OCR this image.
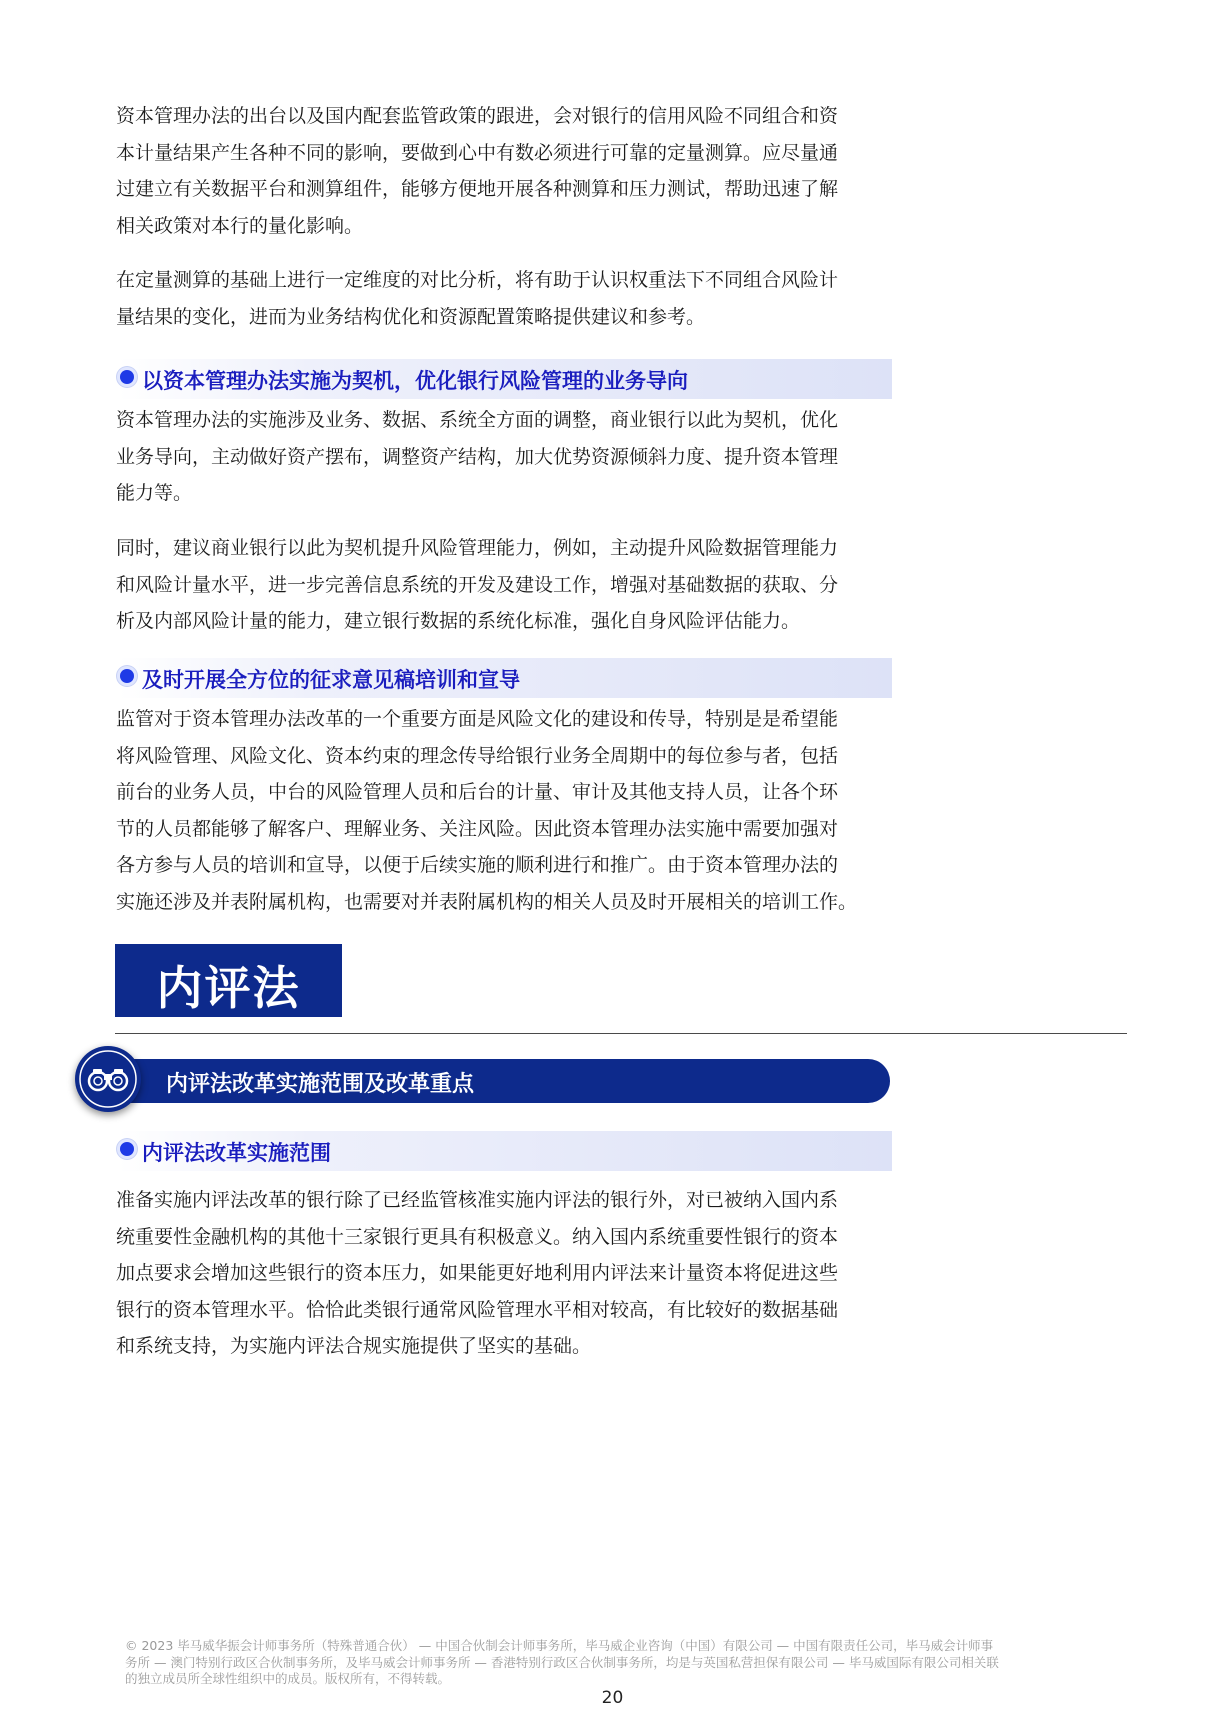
资本管理办法的出台以及国内配套监管政策的跟进，会对银行的信用风险不同组合和资
本计量结果产生各种不同的影响，要做到心中有数必须进行可靠的定量测算。应尽量通
过建立有关数据平台和测算组件，能够方便地开展各种测算和压力测试，帮助迅速了解
相关政策对本行的量化影响。
在定量测算的基础上进行一定维度的对比分析，将有助于认识权重法下不同组合风险计
量结果的变化，进而为业务结构优化和资源配置策略提供建议和参考。
以资本管理办法实施为契机，优化银行风险管理的业务导向
资本管理办法的实施涉及业务、数据、系统全方面的调整，商业银行以此为契机，优化
业务导向，主动做好资产摆布，调整资产结构，加大优势资源倾斜力度、提升资本管理
能力等。
同时，建议商业银行以此为契机提升风险管理能力，例如，主动提升风险数据管理能力
和风险计量水平，进一步完善信息系统的开发及建设工作，增强对基础数据的获取、分
析及内部风险计量的能力，建立银行数据的系统化标准，强化自身风险评估能力。
及时开展全方位的征求意见稿培训和宣导
监管对于资本管理办法改革的一个重要方面是风险文化的建设和传导，特别是是希望能
将风险管理、风险文化、资本约束的理念传导给银行业务全周期中的每位参与者，包括
前台的业务人员，中台的风险管理人员和后台的计量、审计及其他支持人员，让各个环
节的人员都能够了解客户、理解业务、关注风险。因此资本管理办法实施中需要加强对
各方参与人员的培训和宣导，以便于后续实施的顺利进行和推广。由于资本管理办法的
实施还涉及并表附属机构，也需要对并表附属机构的相关人员及时开展相关的培训工作。
内评法
内评法改革实施范围及改革重点
内评法改革实施范围
准备实施内评法改革的银行除了已经监管核准实施内评法的银行外，对已被纳入国内系
统重要性金融机构的其他十三家银行更具有积极意义。纳入国内系统重要性银行的资本
加点要求会增加这些银行的资本压力，如果能更好地利用内评法来计量资本将促进这些
银行的资本管理水平。恰恰此类银行通常风险管理水平相对较高，有比较好的数据基础
和系统支持，为实施内评法合规实施提供了坚实的基础。
© 2023 毕马威华振会计师事务所（特殊普通合伙） — 中国合伙制会计师事务所，毕马威企业咨询（中国）有限公司 — 中国有限责任公司，毕马威会计师事
务所 — 澳门特别行政区合伙制事务所，及毕马威会计师事务所 — 香港特别行政区合伙制事务所，均是与英国私营担保有限公司 — 毕马威国际有限公司相关联
的独立成员所全球性组织中的成员。版权所有，不得转载。
20
